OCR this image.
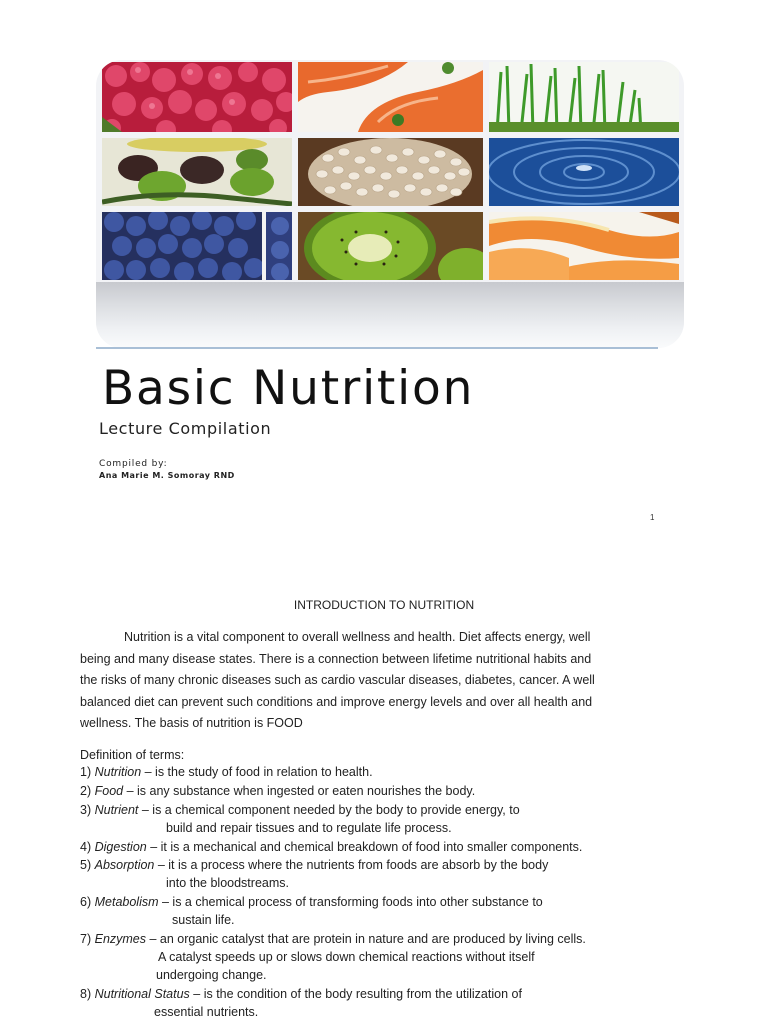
Basic Nutrition
Lecture Compilation
Compiled by:
Ana Marie M. Somoray RND
1
INTRODUCTION TO NUTRITION

Nutrition is a vital component to overall wellness and health. Diet affects energy, well
being and many disease states. There is a connection between lifetime nutritional habits and
the risks of many chronic diseases such as cardio vascular diseases, diabetes, cancer. A well
balanced diet can prevent such conditions and improve energy levels and over all health and
wellness. The basis of nutrition is FOOD

Definition of terms:
1) Nutrition – is the study of food in relation to health.
2) Food – is any substance when ingested or eaten nourishes the body.
3) Nutrient – is a chemical component needed by the body to provide energy, to
build and repair tissues and to regulate life process.
4) Digestion – it is a mechanical and chemical breakdown of food into smaller components.
5) Absorption – it is a process where the nutrients from foods are absorb by the body
into the bloodstreams.
6) Metabolism – is a chemical process of transforming foods into other substance to
sustain life.
7) Enzymes – an organic catalyst that are protein in nature and are produced by living cells.
A catalyst speeds up or slows down chemical reactions without itself
undergoing change.
8) Nutritional Status – is the condition of the body resulting from the utilization of
essential nutrients.
